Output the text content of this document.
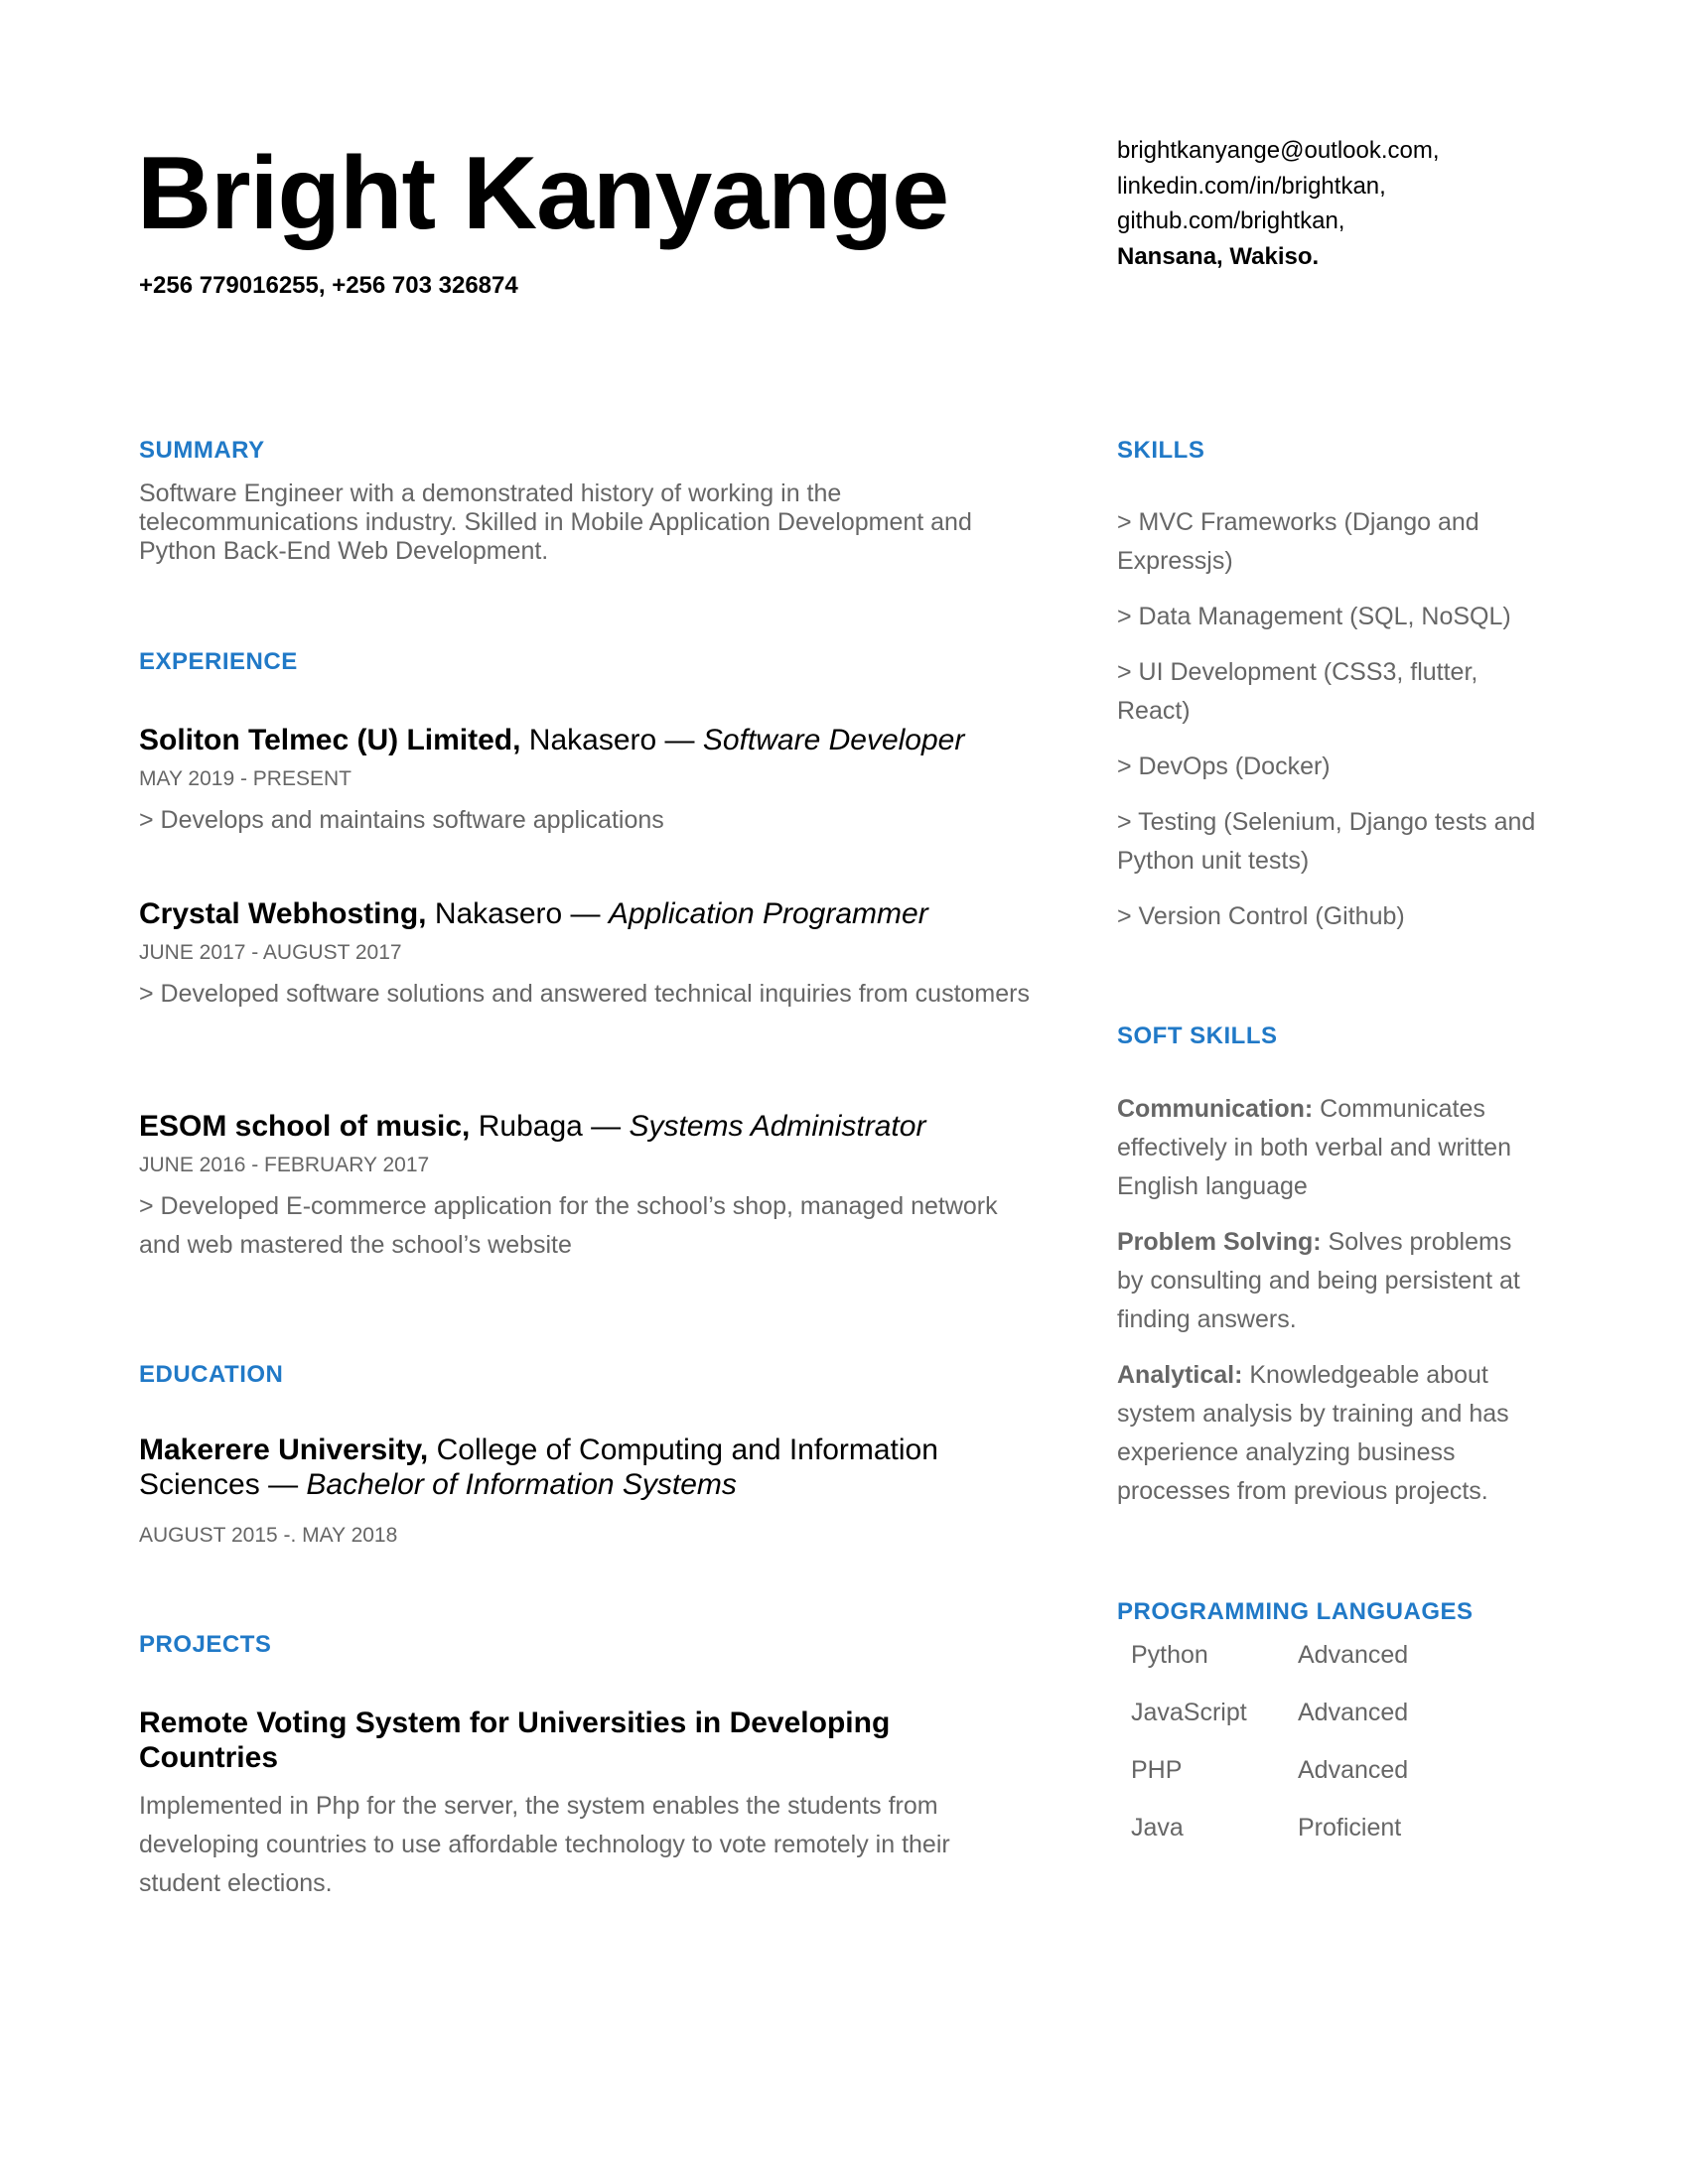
Bright Kanyange
+256 779016255, +256 703 326874
brightkanyange@outlook.com,
linkedin.com/in/brightkan,
github.com/brightkan,
Nansana, Wakiso.
SUMMARY
Software Engineer with a demonstrated history of working in the telecommunications industry. Skilled in Mobile Application Development and Python Back-End Web Development.
EXPERIENCE
Soliton Telmec (U) Limited, Nakasero — Software Developer
MAY 2019 - PRESENT
> Develops and maintains software applications
Crystal Webhosting, Nakasero — Application Programmer
JUNE 2017 - AUGUST 2017
> Developed software solutions and answered technical inquiries from customers
ESOM school of music, Rubaga — Systems Administrator
JUNE 2016 - FEBRUARY 2017
> Developed E-commerce application for the school’s shop, managed network and web mastered the school’s website
EDUCATION
Makerere University, College of Computing and Information Sciences — Bachelor of Information Systems
AUGUST 2015 -. MAY 2018
PROJECTS
Remote Voting System for Universities in Developing Countries
Implemented in Php for the server, the system enables the students from developing countries to use affordable technology to vote remotely in their student elections.
SKILLS
> MVC Frameworks (Django and Expressjs)
> Data Management (SQL, NoSQL)
> UI Development (CSS3, flutter, React)
> DevOps (Docker)
> Testing (Selenium, Django tests and Python unit tests)
> Version Control (Github)
SOFT SKILLS
Communication: Communicates effectively in both verbal and written English language
Problem Solving: Solves problems by consulting and being persistent at finding answers.
Analytical: Knowledgeable about system analysis by training and has experience analyzing business processes from previous projects.
PROGRAMMING LANGUAGES
Python	Advanced
JavaScript	Advanced
PHP	Advanced
Java	Proficient
